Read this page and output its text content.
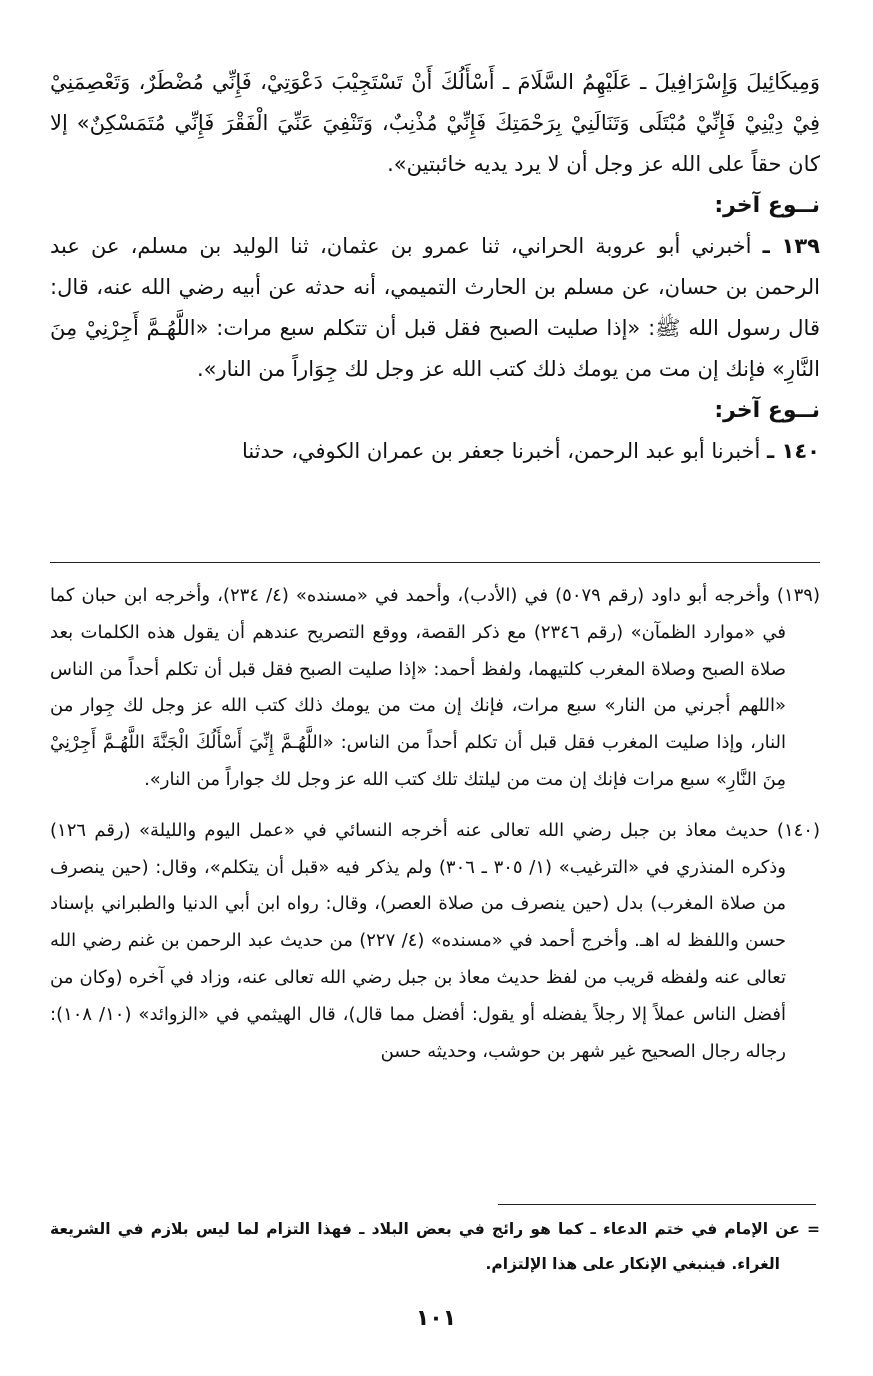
وَمِيكَائِيلَ وَإِسْرَافِيلَ ـ عَلَيْهِمُ السَّلَامَ ـ أَسْأَلُكَ أَنْ تَسْتَجِيْبَ دَعْوَتِيْ، فَإِنِّي مُضْطَرٌ، وَتَعْصِمَنِيْ فِيْ دِيْنِيْ فَإِنِّيْ مُبْتَلَى وَتَنَالَنِيْ بِرَحْمَتِكَ فَإِنِّيْ مُذْنِبٌ، وَتَنْفِيَ عَنِّيَ الْفَقْرَ فَإِنِّي مُتَمَسْكِنٌ» إلا كان حقاً على الله عز وجل أن لا يرد يديه خائبتين».

نــوع آخر:

١٣٩ ـ أخبرني أبو عروبة الحراني، ثنا عمرو بن عثمان، ثنا الوليد بن مسلم، عن عبد الرحمن بن حسان، عن مسلم بن الحارث التميمي، أنه حدثه عن أبيه رضي الله عنه، قال: قال رسول الله ﷺ: «إذا صليت الصبح فقل قبل أن تتكلم سبع مرات: «اللَّهُـمَّ أَجِرْنِيْ مِنَ النَّارِ» فإنك إن مت من يومك ذلك كتب الله عز وجل لك جِوَاراً من النار».

نــوع آخر:

١٤٠ ـ أخبرنا أبو عبد الرحمن، أخبرنا جعفر بن عمران الكوفي، حدثنا

(١٣٩) وأخرجه أبو داود (رقم ٥٠٧٩) في (الأدب)، وأحمد في «مسنده» (٤/ ٢٣٤)، وأخرجه ابن حبان كما في «موارد الظمآن» (رقم ٢٣٤٦) مع ذكر القصة، ووقع التصريح عندهم أن يقول هذه الكلمات بعد صلاة الصبح وصلاة المغرب كلتيهما، ولفظ أحمد: «إذا صليت الصبح فقل قبل أن تكلم أحداً من الناس «اللهم أجرني من النار» سبع مرات، فإنك إن مت من يومك ذلك كتب الله عز وجل لك جِوار من النار، وإذا صليت المغرب فقل قبل أن تكلم أحداً من الناس: «اللَّهُـمَّ إِنِّيَ أَسْأَلُكَ الْجَنَّةَ اللَّهُـمَّ أَجِرْنِيْ مِنَ النَّارِ» سبع مرات فإنك إن مت من ليلتك تلك كتب الله عز وجل لك جواراً من النار».

(١٤٠) حديث معاذ بن جبل رضي الله تعالى عنه أخرجه النسائي في «عمل اليوم والليلة» (رقم ١٢٦) وذكره المنذري في «الترغيب» (١/ ٣٠٥ ـ ٣٠٦) ولم يذكر فيه «قبل أن يتكلم»، وقال: (حين ينصرف من صلاة المغرب) بدل (حين ينصرف من صلاة العصر)، وقال: رواه ابن أبي الدنيا والطبراني بإسناد حسن واللفظ له اهـ. وأخرج أحمد في «مسنده» (٤/ ٢٢٧) من حديث عبد الرحمن بن غنم رضي الله تعالى عنه ولفظه قريب من لفظ حديث معاذ بن جبل رضي الله تعالى عنه، وزاد في آخره (وكان من أفضل الناس عملاً إلا رجلاً يفضله أو يقول: أفضل مما قال)، قال الهيثمي في «الزوائد» (١٠/ ١٠٨): رجاله رجال الصحيح غير شهر بن حوشب، وحديثه حسن

= عن الإمام في ختم الدعاء ـ كما هو رائج في بعض البلاد ـ فهذا التزام لما ليس بلازم في الشريعة الغراء. فينبغي الإنكار على هذا الإلتزام.

١٠١
